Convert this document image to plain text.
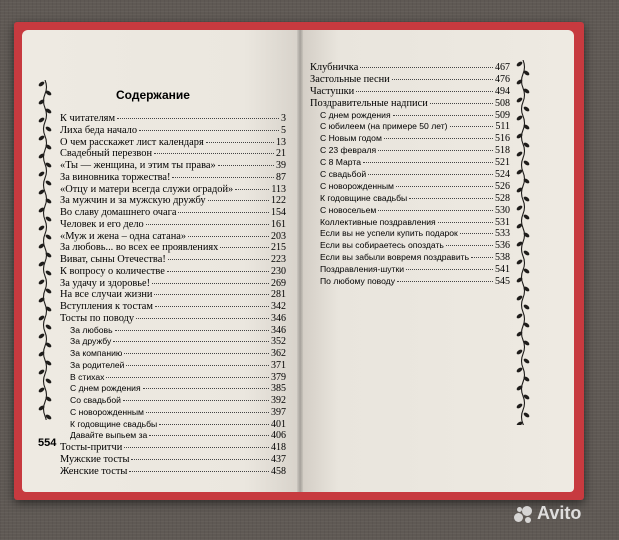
Содержание
К читателям	3
Лиха беда начало	5
О чем расскажет лист календаря	13
Свадебный перезвон	21
«Ты — женщина, и этим ты права»	39
За виновника торжества!	87
«Отцу и матери всегда служи оградой»	113
За мужчин и за мужскую дружбу	122
Во славу домашнего очага	154
Человек и его дело	161
«Муж и жена – одна сатана»	203
За любовь... во всех ее проявлениях	215
Виват, сыны Отечества!	223
К вопросу о количестве	230
За удачу и здоровье!	269
На все случаи жизни	281
Вступления к тостам	342
Тосты по поводу	346
За любовь	346
За дружбу	352
За компанию	362
За родителей	371
В стихах	379
С днем рождения	385
Со свадьбой	392
С новорожденным	397
К годовщине свадьбы	401
Давайте выпьем за	406
Тосты-притчи	418
Мужские тосты	437
Женские тосты	458
Клубничка	467
Застольные песни	476
Частушки	494
Поздравительные надписи	508
С днем рождения	509
С юбилеем (на примере 50 лет)	511
С Новым годом	516
С 23 февраля	518
С 8 Марта	521
С свадьбой	524
С новорожденным	526
К годовщине свадьбы	528
С новосельем	530
Коллективные поздравления	531
Если вы не успели купить подарок	533
Если вы собираетесь опоздать	536
Если вы забыли вовремя поздравить	538
Поздравления-шутки	541
По любому поводу	545
554
Avito
